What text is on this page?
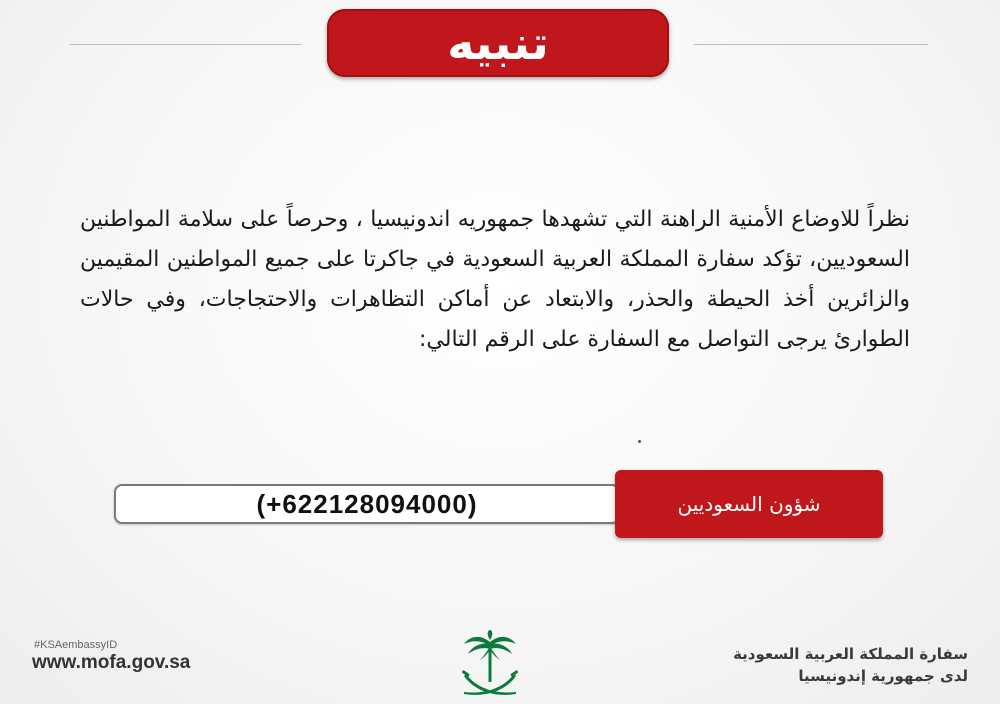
تنبيه

نظراً للاوضاع الأمنية الراهنة التي تشهدها جمهوريه اندونيسيا ، وحرصاً على سلامة المواطنين السعوديين، تؤكد سفارة المملكة العربية السعودية في جاكرتا على جميع المواطنين المقيمين والزائرين أخذ الحيطة والحذر، والابتعاد عن أماكن التظاهرات والاحتجاجات، وفي حالات الطوارئ يرجى التواصل مع السفارة على الرقم التالي:

(+622128094000)	شؤون السعوديين
#KSAembassyID
www.mofa.gov.sa	سفارة المملكة العربية السعودية
لدى جمهورية إندونيسيا
